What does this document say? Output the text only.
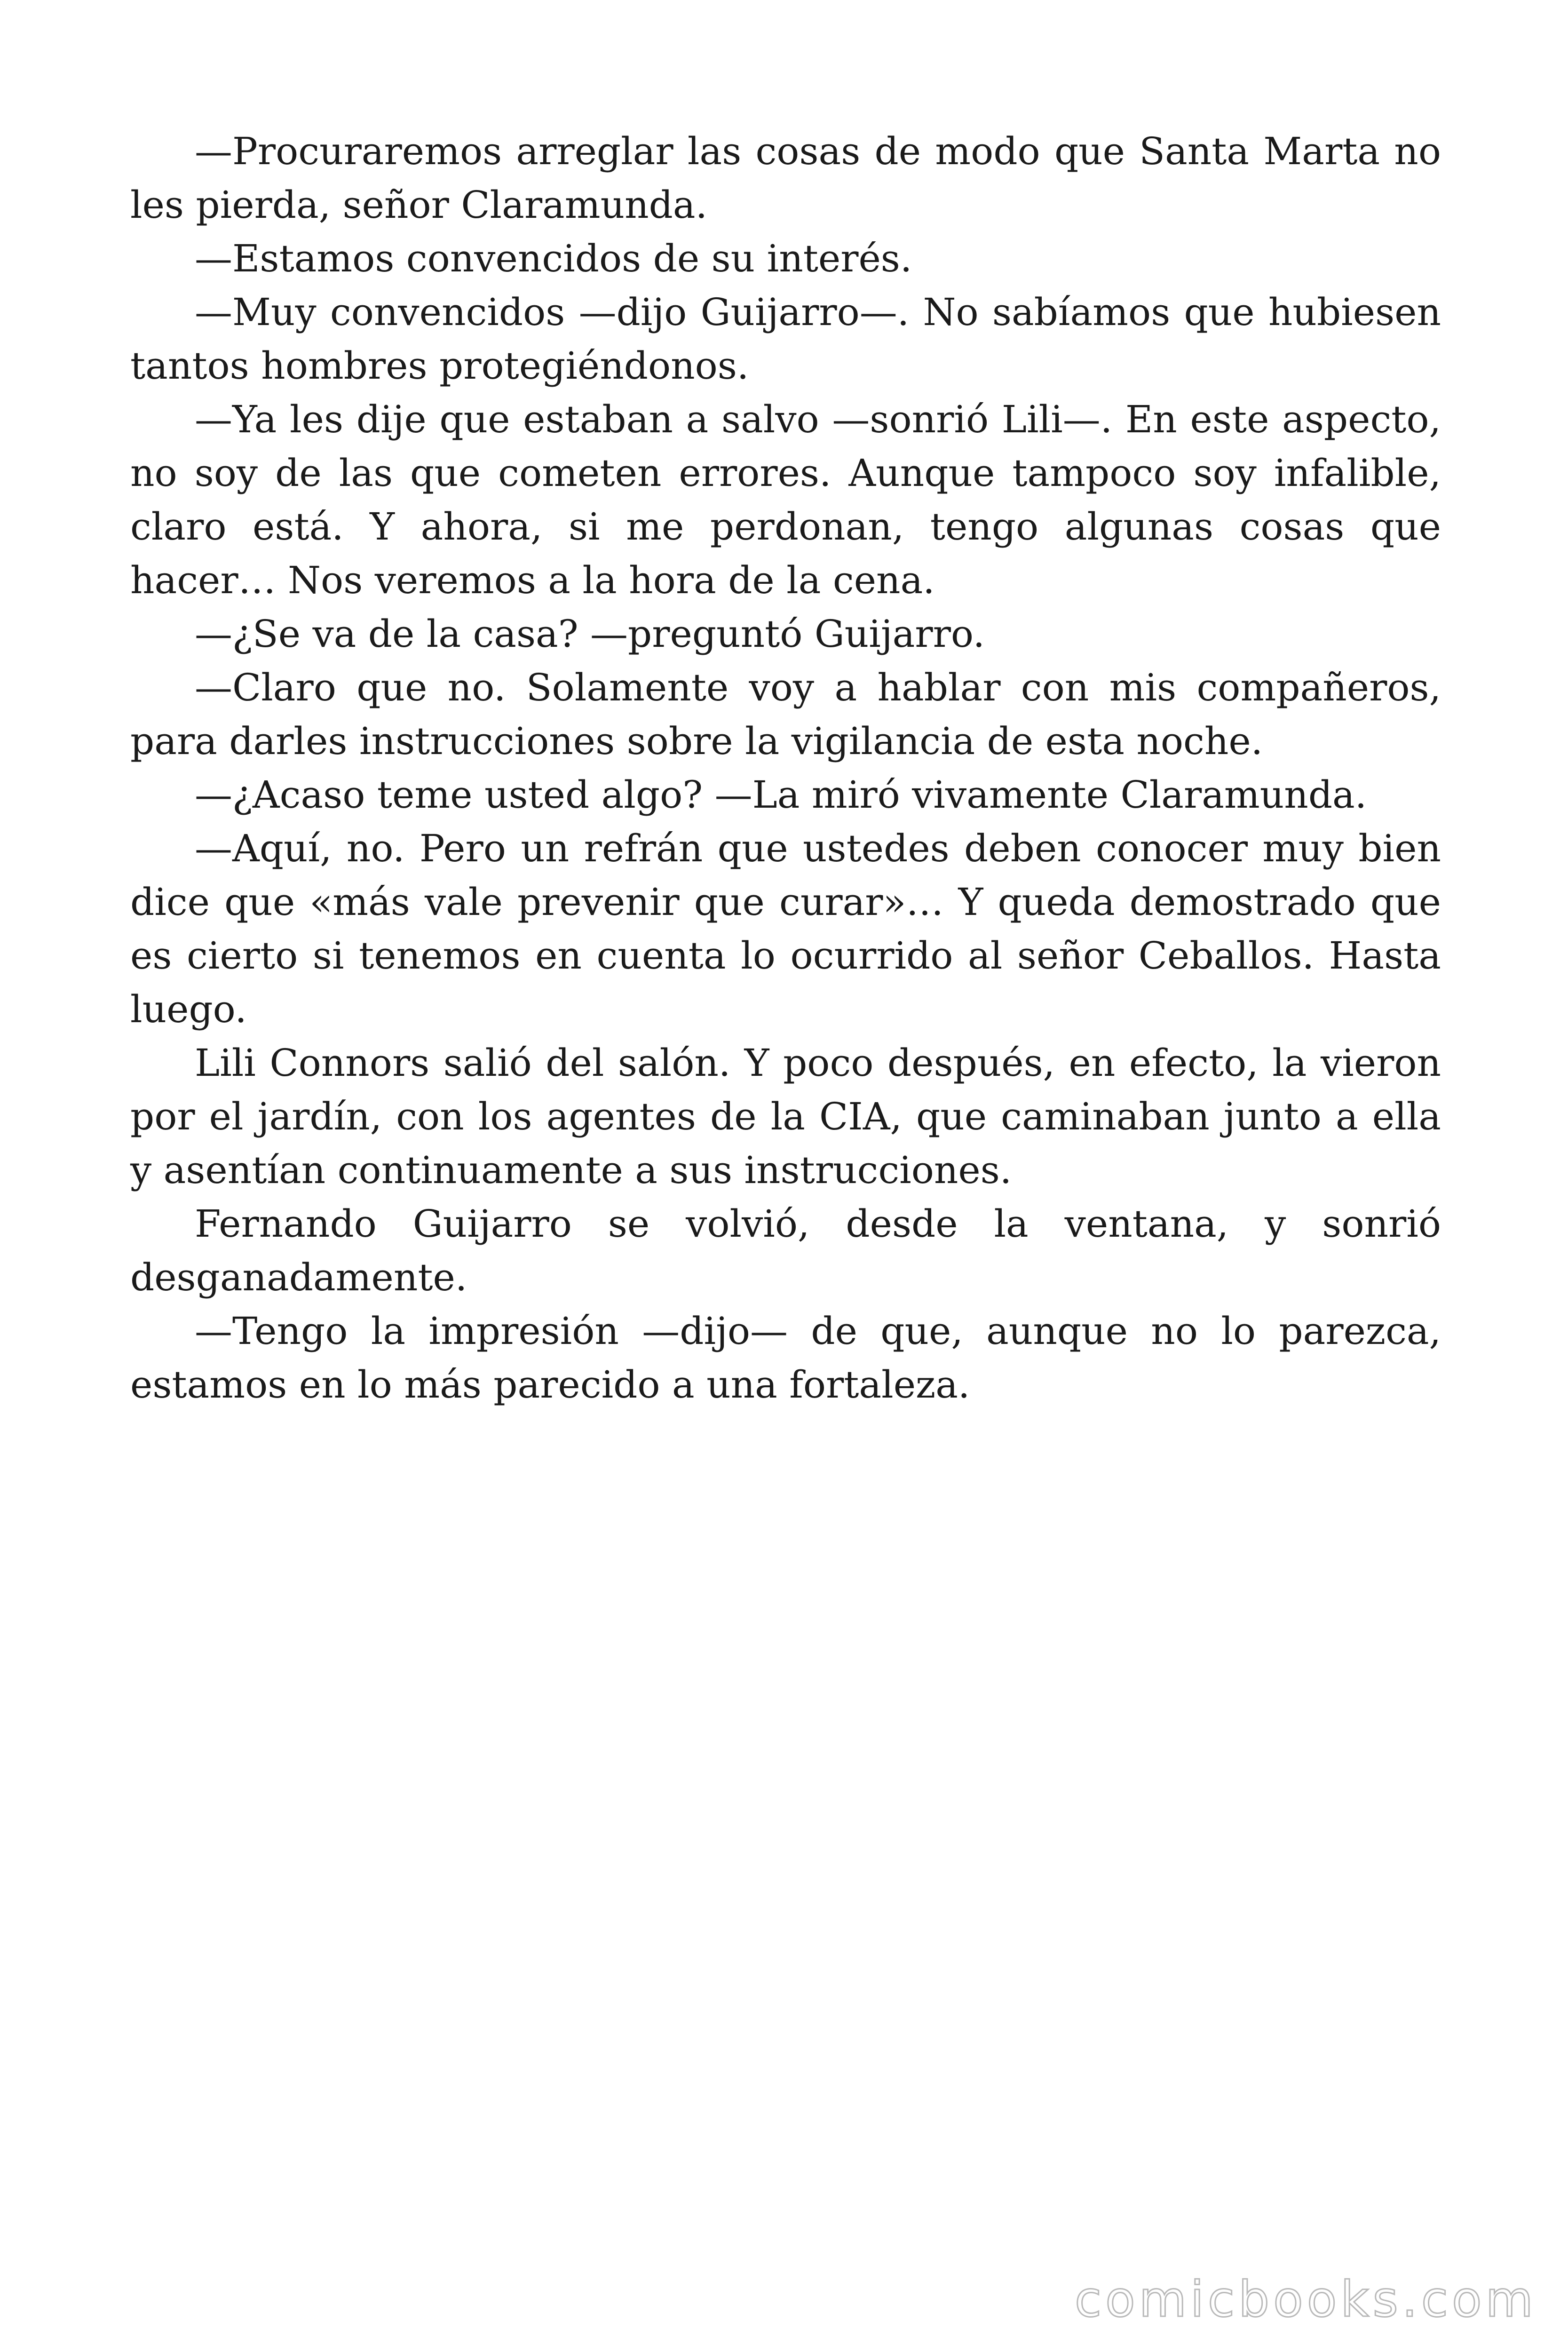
—Procuraremos arreglar las cosas de modo que Santa Marta no les pierda, señor Claramunda.

—Estamos convencidos de su interés.

—Muy convencidos —dijo Guijarro—. No sabíamos que hubiesen tantos hombres protegiéndonos.

—Ya les dije que estaban a salvo —sonrió Lili—. En este aspecto, no soy de las que cometen errores. Aunque tampoco soy infalible, claro está. Y ahora, si me perdonan, tengo algunas cosas que hacer… Nos veremos a la hora de la cena.

—¿Se va de la casa? —preguntó Guijarro.

—Claro que no. Solamente voy a hablar con mis compañeros, para darles instrucciones sobre la vigilancia de esta noche.

—¿Acaso teme usted algo? —La miró vivamente Claramunda.

—Aquí, no. Pero un refrán que ustedes deben conocer muy bien dice que «más vale prevenir que curar»… Y queda demostrado que es cierto si tenemos en cuenta lo ocurrido al señor Ceballos. Hasta luego.

Lili Connors salió del salón. Y poco después, en efecto, la vieron por el jardín, con los agentes de la CIA, que caminaban junto a ella y asentían continuamente a sus instrucciones.

Fernando Guijarro se volvió, desde la ventana, y sonrió desganadamente.

—Tengo la impresión —dijo— de que, aunque no lo parezca, estamos en lo más parecido a una fortaleza.

comicbooks.com
